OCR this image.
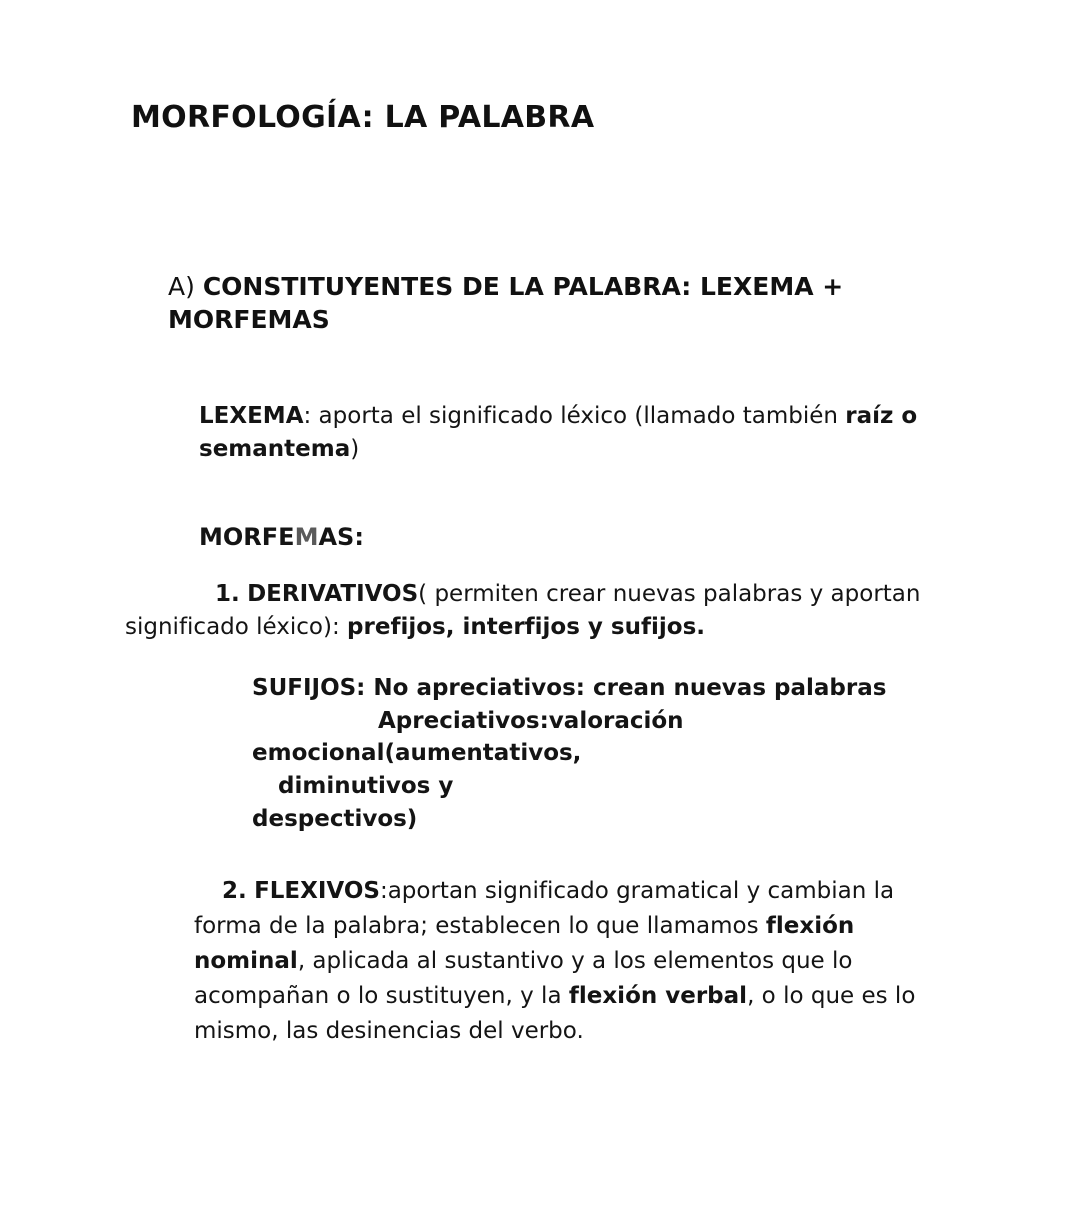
MORFOLOGÍA: LA PALABRA
A) CONSTITUYENTES DE LA PALABRA: LEXEMA + MORFEMAS
LEXEMA: aporta el significado léxico (llamado también raíz o semantema)
MORFEMAS:
1. DERIVATIVOS( permiten crear nuevas palabras y aportan significado léxico): prefijos, interfijos y sufijos.
SUFIJOS: No apreciativos: crean nuevas palabras
Apreciativos:valoración
emocional(aumentativos,
diminutivos y
despectivos)
2. FLEXIVOS:aportan significado gramatical y cambian la forma de la palabra; establecen lo que llamamos flexión nominal, aplicada al sustantivo y a los elementos que lo acompañan o lo sustituyen, y la flexión verbal, o lo que es lo mismo, las desinencias del verbo.
